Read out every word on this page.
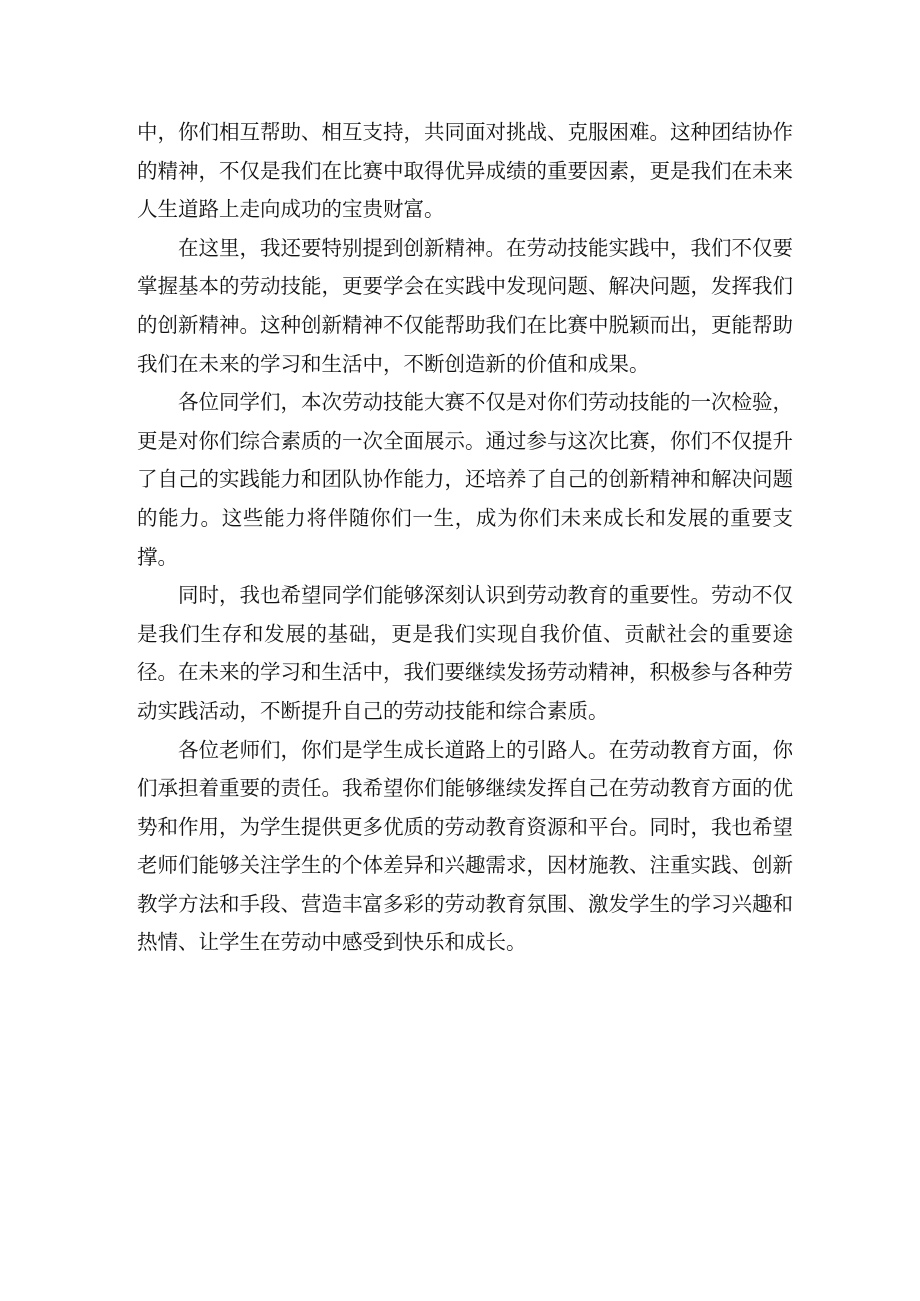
中，你们相互帮助、相互支持，共同面对挑战、克服困难。这种团结协作的精神，不仅是我们在比赛中取得优异成绩的重要因素，更是我们在未来人生道路上走向成功的宝贵财富。

在这里，我还要特别提到创新精神。在劳动技能实践中，我们不仅要掌握基本的劳动技能，更要学会在实践中发现问题、解决问题，发挥我们的创新精神。这种创新精神不仅能帮助我们在比赛中脱颖而出，更能帮助我们在未来的学习和生活中，不断创造新的价值和成果。

各位同学们，本次劳动技能大赛不仅是对你们劳动技能的一次检验，更是对你们综合素质的一次全面展示。通过参与这次比赛，你们不仅提升了自己的实践能力和团队协作能力，还培养了自己的创新精神和解决问题的能力。这些能力将伴随你们一生，成为你们未来成长和发展的重要支撑。

同时，我也希望同学们能够深刻认识到劳动教育的重要性。劳动不仅是我们生存和发展的基础，更是我们实现自我价值、贡献社会的重要途径。在未来的学习和生活中，我们要继续发扬劳动精神，积极参与各种劳动实践活动，不断提升自己的劳动技能和综合素质。

各位老师们，你们是学生成长道路上的引路人。在劳动教育方面，你们承担着重要的责任。我希望你们能够继续发挥自己在劳动教育方面的优势和作用，为学生提供更多优质的劳动教育资源和平台。同时，我也希望老师们能够关注学生的个体差异和兴趣需求，因材施教、注重实践、创新教学方法和手段、营造丰富多彩的劳动教育氛围、激发学生的学习兴趣和热情、让学生在劳动中感受到快乐和成长。
